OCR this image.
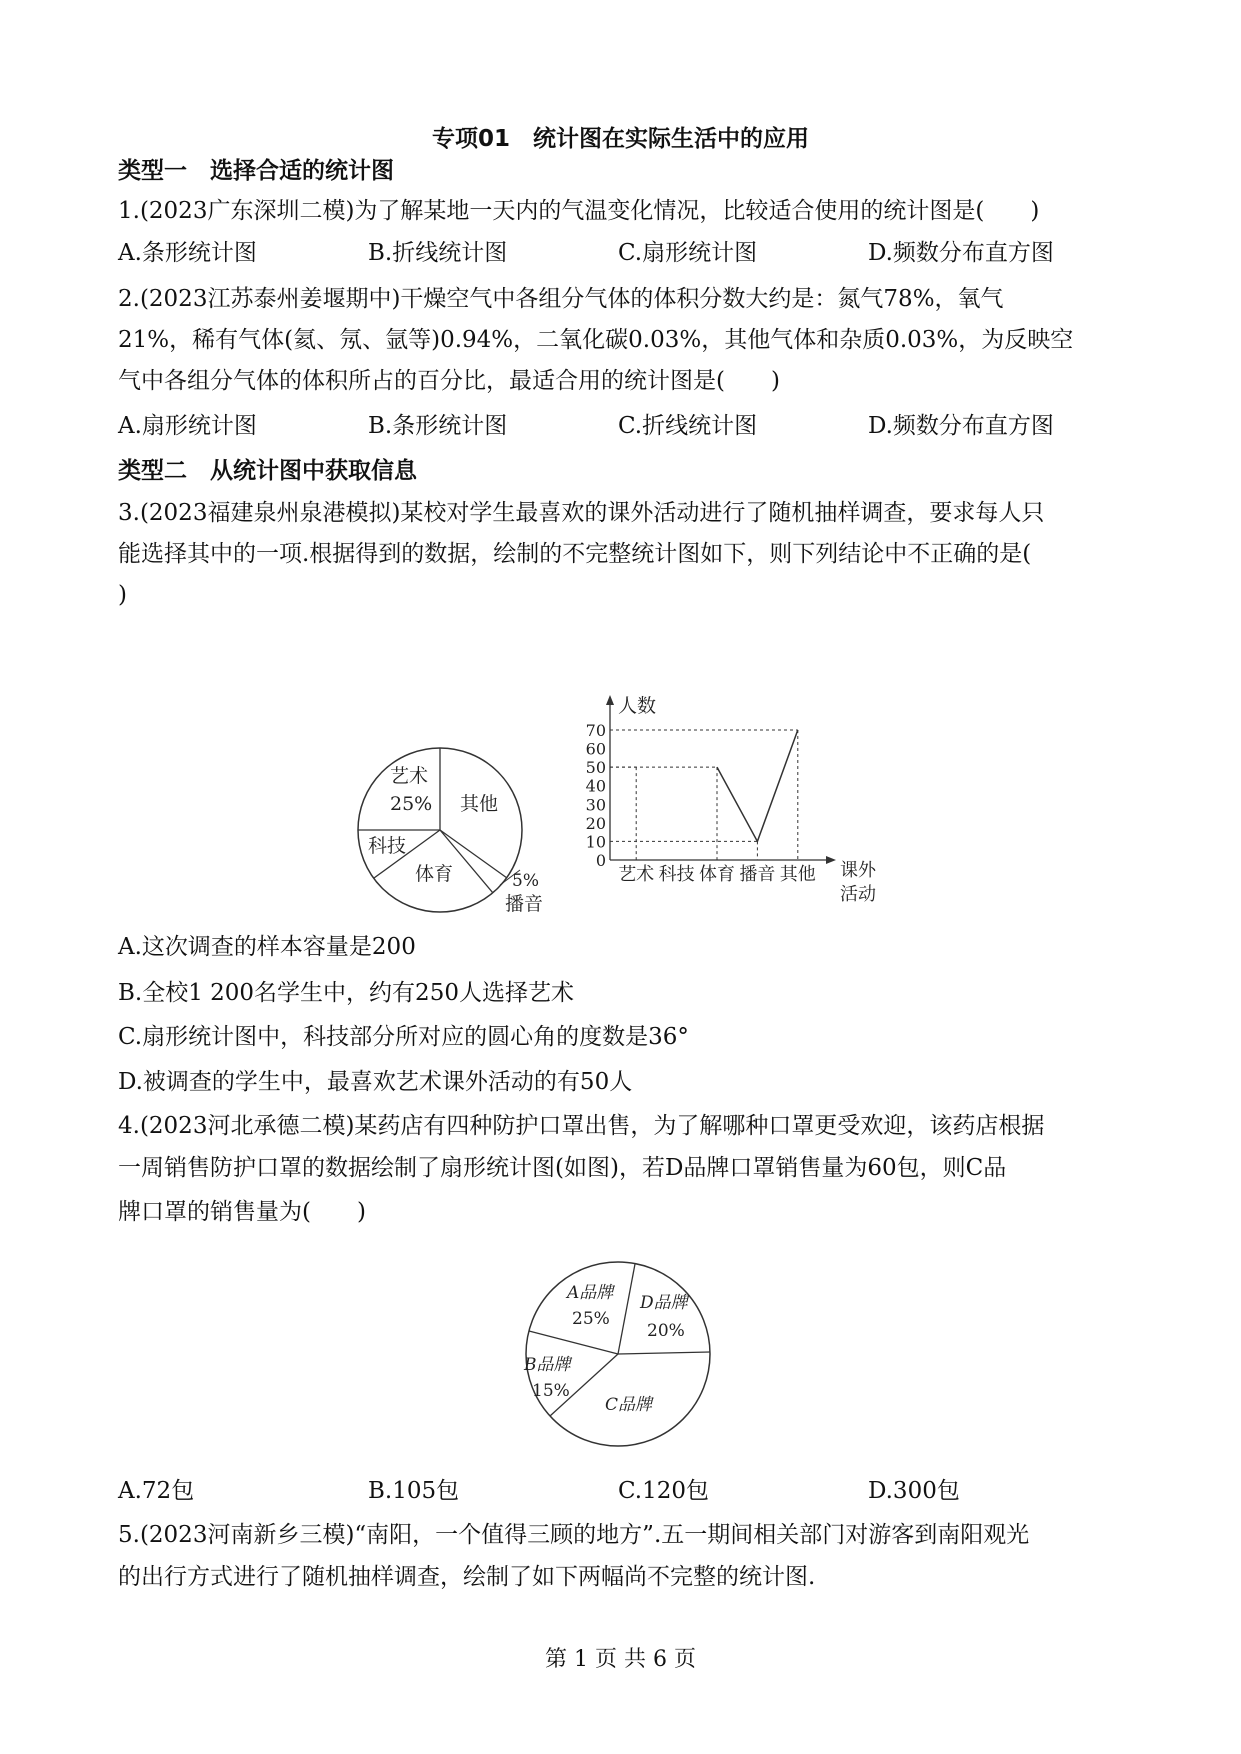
专项01　统计图在实际生活中的应用
类型一　选择合适的统计图
1.(2023广东深圳二模)为了解某地一天内的气温变化情况，比较适合使用的统计图是(　　)
A.条形统计图	B.折线统计图	C.扇形统计图	D.频数分布直方图
2.(2023江苏泰州姜堰期中)干燥空气中各组分气体的体积分数大约是：氮气78%，氧气
21%，稀有气体(氦、氖、氩等)0.94%，二氧化碳0.03%，其他气体和杂质0.03%，为反映空
气中各组分气体的体积所占的百分比，最适合用的统计图是(　　)
A.扇形统计图	B.条形统计图	C.折线统计图	D.频数分布直方图
类型二　从统计图中获取信息
3.(2023福建泉州泉港模拟)某校对学生最喜欢的课外活动进行了随机抽样调查，要求每人只
能选择其中的一项.根据得到的数据，绘制的不完整统计图如下，则下列结论中不正确的是(
)
艺术
25% 其他
科技
体育	5%
播音
人数
课外
活动
0
10
20
30
40
50
60
70
艺术 科技 体育 播音 其他
A.这次调查的样本容量是200
B.全校1 200名学生中，约有250人选择艺术
C.扇形统计图中，科技部分所对应的圆心角的度数是36°
D.被调查的学生中，最喜欢艺术课外活动的有50人
4.(2023河北承德二模)某药店有四种防护口罩出售，为了解哪种口罩更受欢迎，该药店根据
一周销售防护口罩的数据绘制了扇形统计图(如图)，若D品牌口罩销售量为60包，则C品
牌口罩的销售量为(　　)
A品牌
25%
D品牌
20%
B品牌
15%
C品牌
A.72包	B.105包	C.120包	D.300包
5.(2023河南新乡三模)“南阳，一个值得三顾的地方”.五一期间相关部门对游客到南阳观光
的出行方式进行了随机抽样调查，绘制了如下两幅尚不完整的统计图.
第 1 页 共 6 页
